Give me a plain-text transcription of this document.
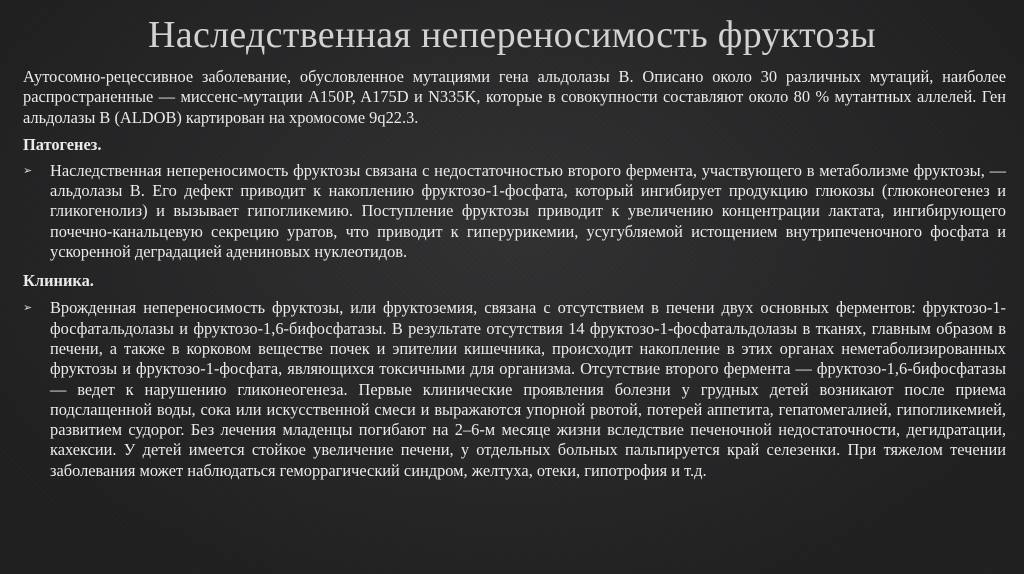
Наследственная непереносимость фруктозы

Аутосомно-рецессивное заболевание, обусловленное мутациями гена альдолазы В. Описано около 30 различных мутаций, наиболее распространенные — миссенс-мутации A150P, A175D и N335K, которые в совокупности составляют около 80 % мутантных аллелей. Ген альдолазы B (ALDOB) картирован на хромосоме 9q22.3.

Патогенез.
➢	Наследственная непереносимость фруктозы связана с недостаточностью второго фермента, участвующего в метаболизме фруктозы, — альдолазы B. Его дефект приводит к накоплению фруктозо-1-фосфата, который ингибирует продукцию глюкозы (глюконеогенез и гликогенолиз) и вызывает гипогликемию. Поступление фруктозы приводит к увеличению концентрации лактата, ингибирующего почечно-канальцевую секрецию уратов, что приводит к гиперурикемии, усугубляемой истощением внутрипеченочного фосфата и ускоренной деградацией адениновых нуклеотидов.

Клиника.
➢	Врожденная непереносимость фруктозы, или фруктоземия, связана с отсутствием в печени двух основных ферментов: фруктозо-1- фосфатальдолазы и фруктозо-1,6-бифосфатазы. В результате отсутствия 14 фруктозо-1-фосфатальдолазы в тканях, главным образом в печени, а также в корковом веществе почек и эпителии кишечника, происходит накопление в этих органах неметаболизированных фруктозы и фруктозо-1-фосфата, являющихся токсичными для организма. Отсутствие второго фермента — фруктозо-1,6-бифосфатазы — ведет к нарушению гликонеогенеза. Первые клинические проявления болезни у грудных детей возникают после приема подслащенной воды, сока или искусственной смеси и выражаются упорной рвотой, потерей аппетита, гепатомегалией, гипогликемией, развитием судорог. Без лечения младенцы погибают на 2–6-м месяце жизни вследствие печеночной недостаточности, дегидратации, кахексии. У детей имеется стойкое увеличение печени, у отдельных больных пальпируется край селезенки. При тяжелом течении заболевания может наблюдаться геморрагический синдром, желтуха, отеки, гипотрофия и т.д.
